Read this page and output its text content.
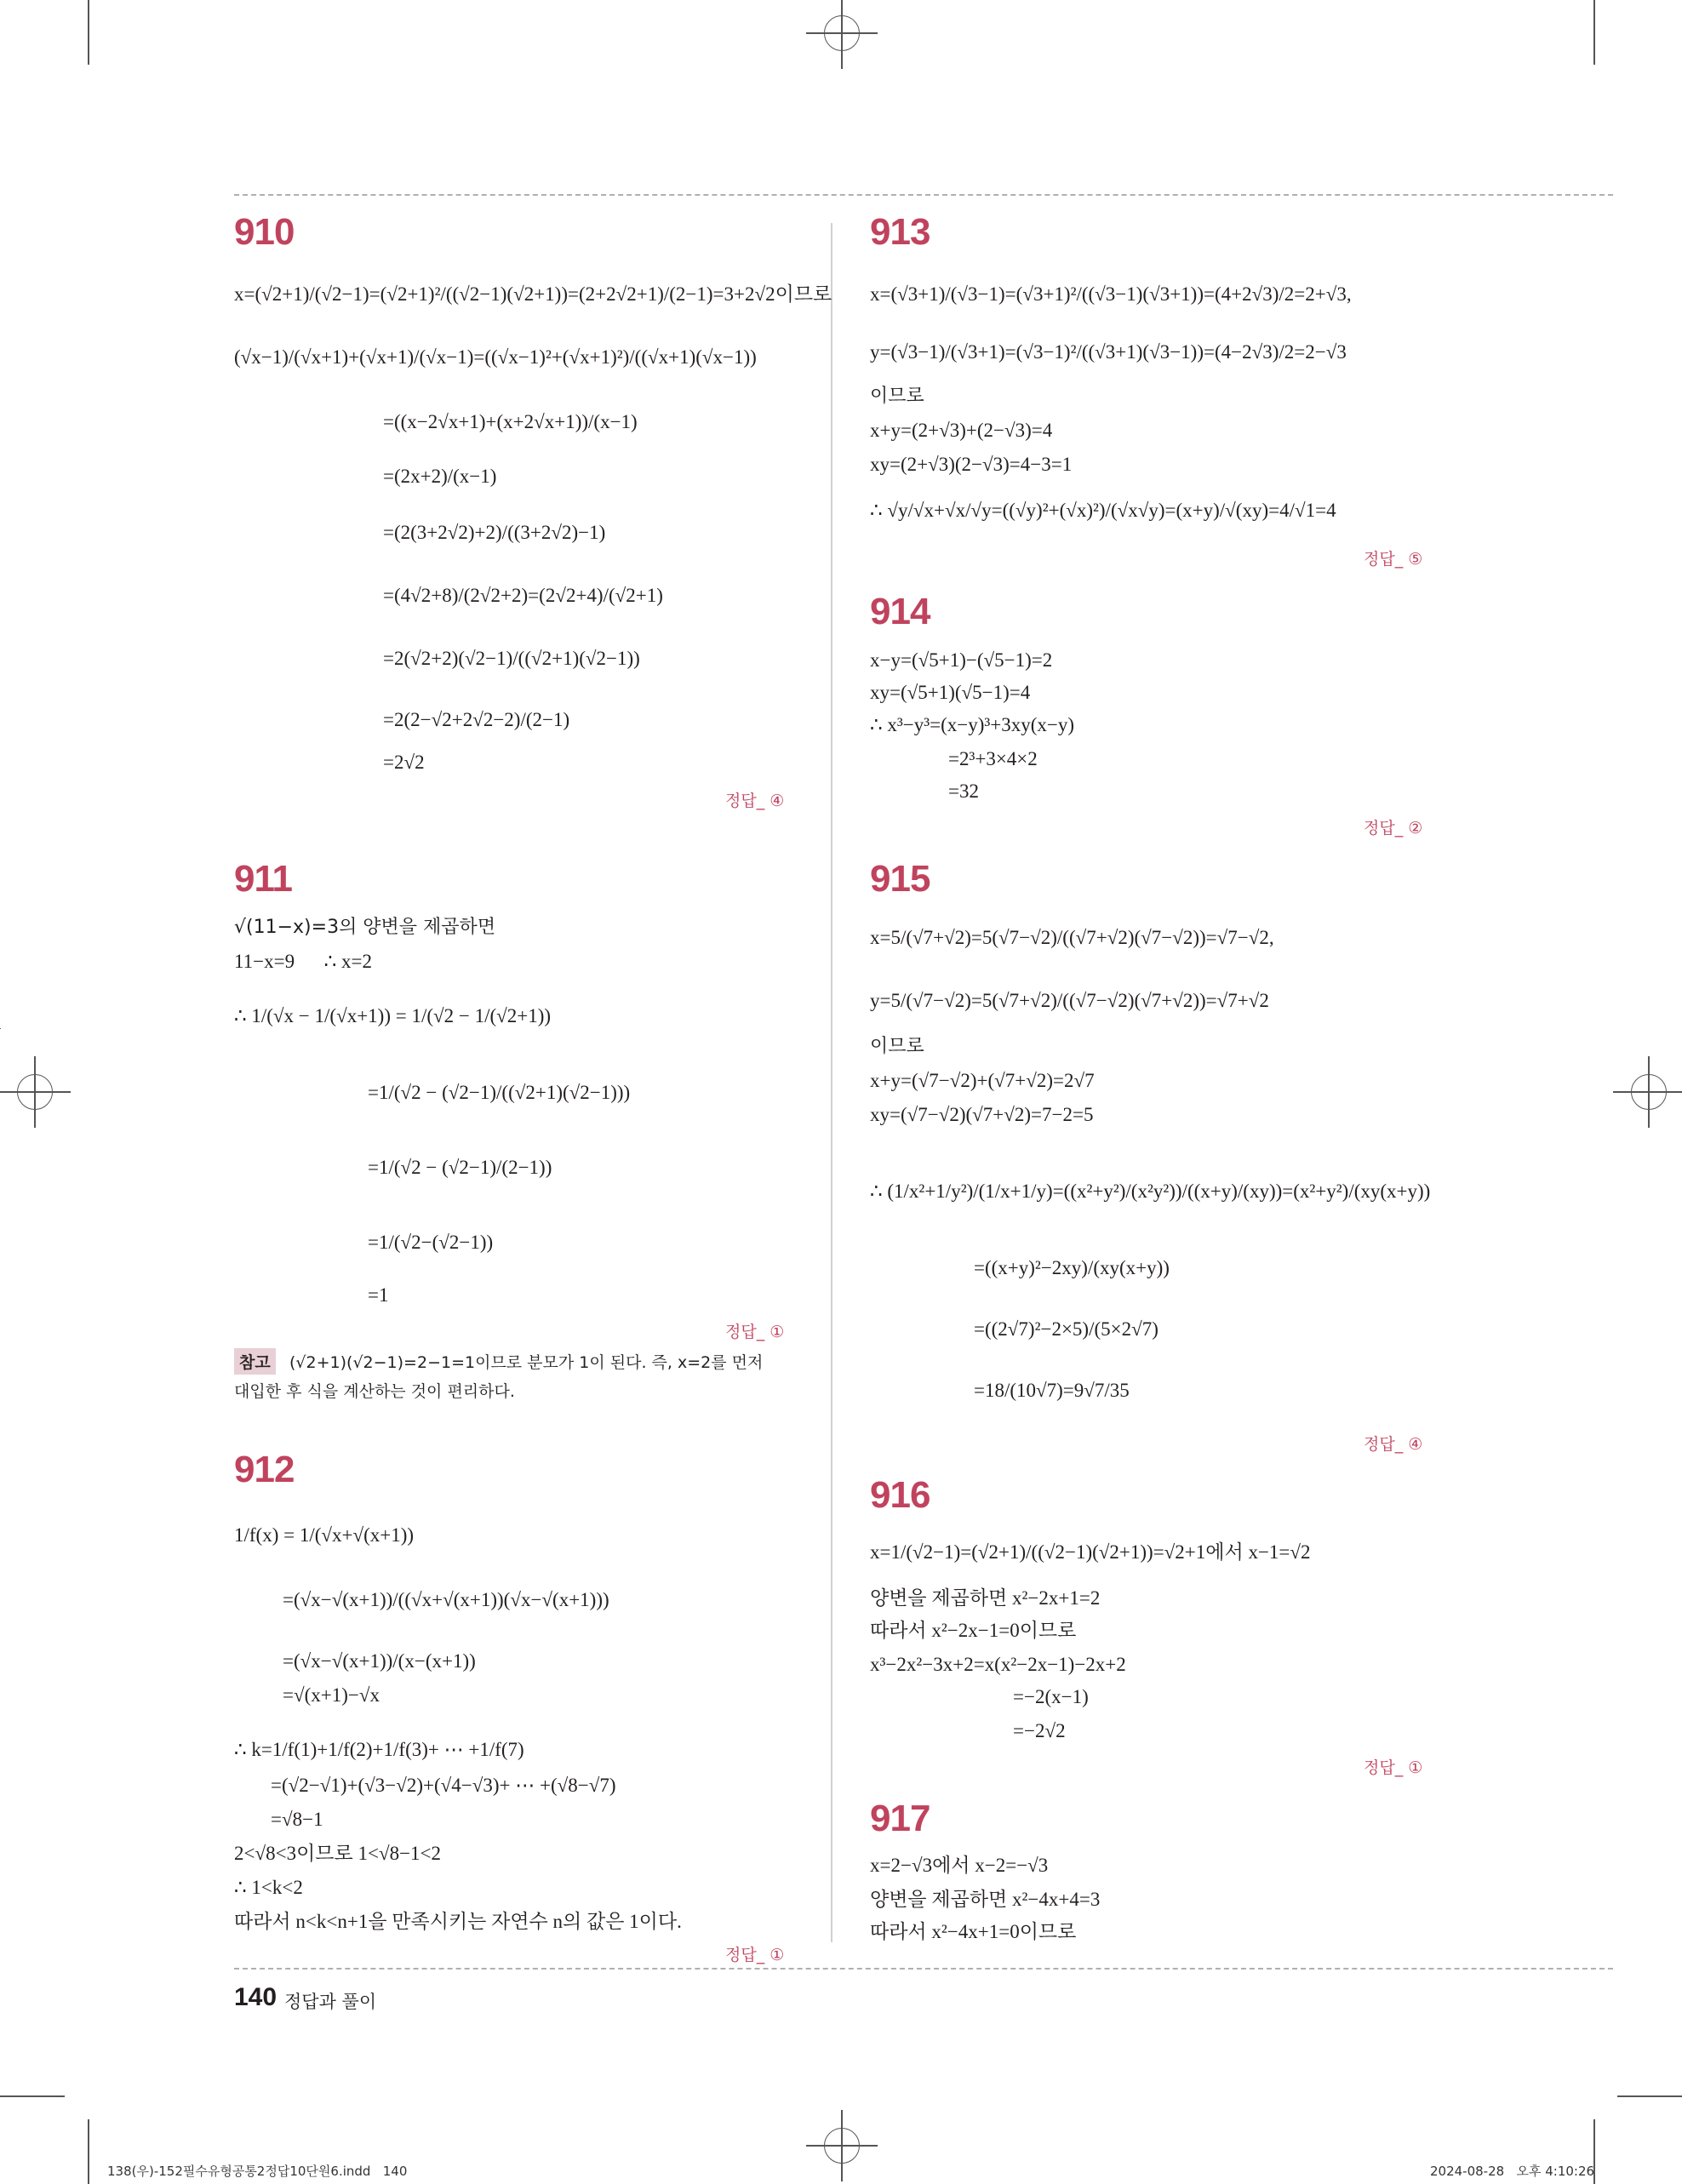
910
x=(√2+1)/(√2−1)=(√2+1)²/((√2−1)(√2+1))=(2+2√2+1)/(2−1)=3+2√2이므로
(√x−1)/(√x+1)+(√x+1)/(√x−1)=((√x−1)²+(√x+1)²)/((√x+1)(√x−1))
=((x−2√x+1)+(x+2√x+1))/(x−1)
=(2x+2)/(x−1)
=(2(3+2√2)+2)/((3+2√2)−1)
=(4√2+8)/(2√2+2)=(2√2+4)/(√2+1)
=2(√2+2)(√2−1)/((√2+1)(√2−1))
=2(2−√2+2√2−2)/(2−1)
=2√2
정답_ ④
911
√(11−x)=3의 양변을 제곱하면
11−x=9      ∴ x=2
∴ 1/(√x − 1/(√x+1)) = 1/(√2 − 1/(√2+1))
=1/(√2 − (√2−1)/((√2+1)(√2−1)))
=1/(√2 − (√2−1)/(2−1))
=1/(√2−(√2−1))
=1
정답_ ①
참고	(√2+1)(√2−1)=2−1=1이므로 분모가 1이 된다. 즉, x=2를 먼저
대입한 후 식을 계산하는 것이 편리하다.
912
1/f(x) = 1/(√x+√(x+1))
=(√x−√(x+1))/((√x+√(x+1))(√x−√(x+1)))
=(√x−√(x+1))/(x−(x+1))
=√(x+1)−√x
∴ k=1/f(1)+1/f(2)+1/f(3)+ ⋯ +1/f(7)
=(√2−√1)+(√3−√2)+(√4−√3)+ ⋯ +(√8−√7)
=√8−1
2<√8<3이므로 1<√8−1<2
∴ 1<k<2
따라서 n<k<n+1을 만족시키는 자연수 n의 값은 1이다.
정답_ ①
913
x=(√3+1)/(√3−1)=(√3+1)²/((√3−1)(√3+1))=(4+2√3)/2=2+√3,
y=(√3−1)/(√3+1)=(√3−1)²/((√3+1)(√3−1))=(4−2√3)/2=2−√3
이므로
x+y=(2+√3)+(2−√3)=4
xy=(2+√3)(2−√3)=4−3=1
∴ √y/√x+√x/√y=((√y)²+(√x)²)/(√x√y)=(x+y)/√(xy)=4/√1=4
정답_ ⑤
914
x−y=(√5+1)−(√5−1)=2
xy=(√5+1)(√5−1)=4
∴ x³−y³=(x−y)³+3xy(x−y)
=2³+3×4×2
=32
정답_ ②
915
x=5/(√7+√2)=5(√7−√2)/((√7+√2)(√7−√2))=√7−√2,
y=5/(√7−√2)=5(√7+√2)/((√7−√2)(√7+√2))=√7+√2
이므로
x+y=(√7−√2)+(√7+√2)=2√7
xy=(√7−√2)(√7+√2)=7−2=5
∴ (1/x²+1/y²)/(1/x+1/y)=((x²+y²)/(x²y²))/((x+y)/(xy))=(x²+y²)/(xy(x+y))
=((x+y)²−2xy)/(xy(x+y))
=((2√7)²−2×5)/(5×2√7)
=18/(10√7)=9√7/35
정답_ ④
916
x=1/(√2−1)=(√2+1)/((√2−1)(√2+1))=√2+1에서 x−1=√2
양변을 제곱하면 x²−2x+1=2
따라서 x²−2x−1=0이므로
x³−2x²−3x+2=x(x²−2x−1)−2x+2
=−2(x−1)
=−2√2
정답_ ①
917
x=2−√3에서 x−2=−√3
양변을 제곱하면 x²−4x+4=3
따라서 x²−4x+1=0이므로
140 정답과 풀이
138(우)-152필수유형공통2정답10단원6.indd   140	2024-08-28   오후 4:10:26
